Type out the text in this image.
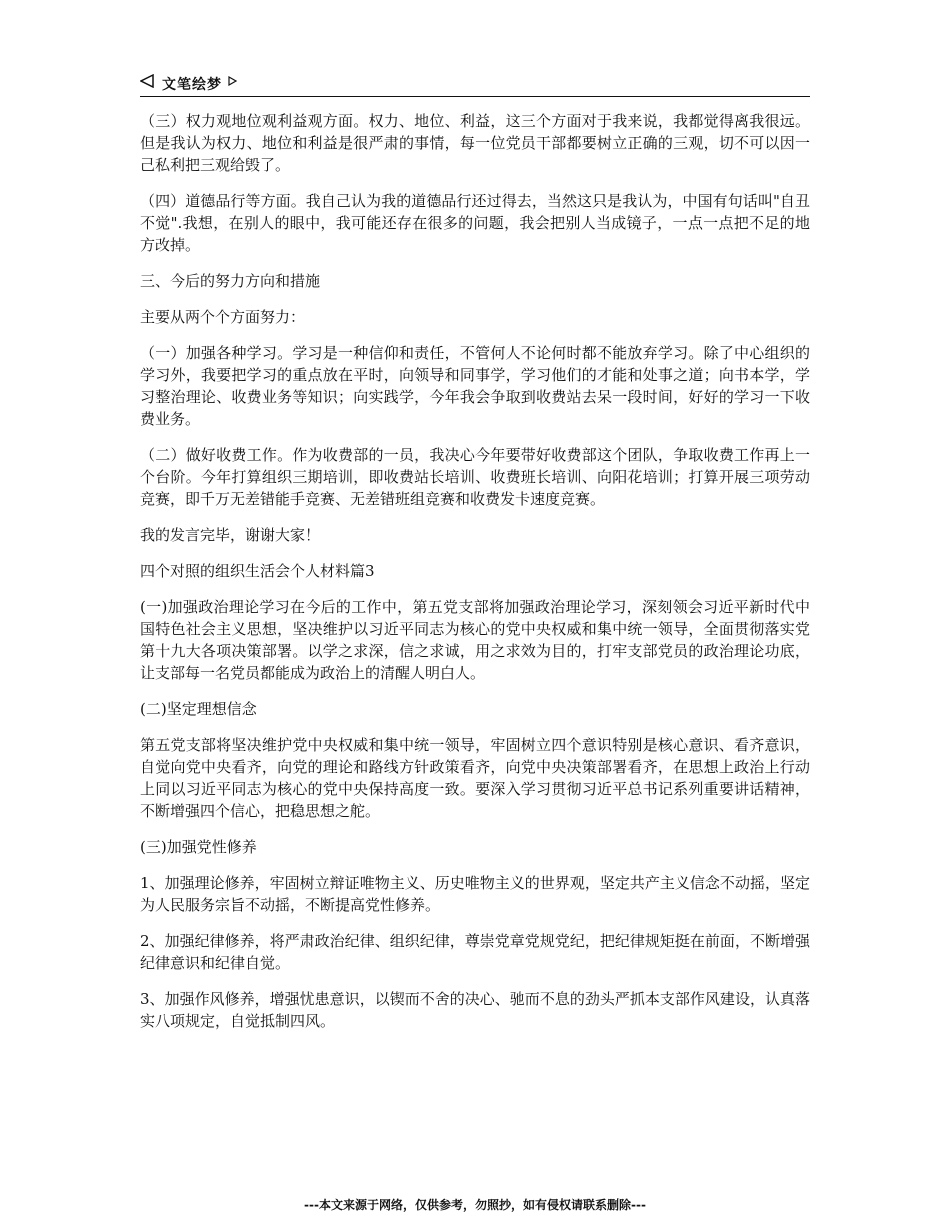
文笔绘梦

（三）权力观地位观利益观方面。权力、地位、利益，这三个方面对于我来说，我都觉得离我很远。但是我认为权力、地位和利益是很严肃的事情，每一位党员干部都要树立正确的三观，切不可以因一己私利把三观给毁了。

（四）道德品行等方面。我自己认为我的道德品行还过得去，当然这只是我认为，中国有句话叫"自丑不觉".我想，在别人的眼中，我可能还存在很多的问题，我会把别人当成镜子，一点一点把不足的地方改掉。

三、今后的努力方向和措施

主要从两个个方面努力：

（一）加强各种学习。学习是一种信仰和责任，不管何人不论何时都不能放弃学习。除了中心组织的学习外，我要把学习的重点放在平时，向领导和同事学，学习他们的才能和处事之道；向书本学，学习整治理论、收费业务等知识；向实践学，今年我会争取到收费站去呆一段时间，好好的学习一下收费业务。

（二）做好收费工作。作为收费部的一员，我决心今年要带好收费部这个团队，争取收费工作再上一个台阶。今年打算组织三期培训，即收费站长培训、收费班长培训、向阳花培训；打算开展三项劳动竞赛，即千万无差错能手竞赛、无差错班组竞赛和收费发卡速度竞赛。

我的发言完毕，谢谢大家！

四个对照的组织生活会个人材料篇3

(一)加强政治理论学习在今后的工作中，第五党支部将加强政治理论学习，深刻领会习近平新时代中国特色社会主义思想，坚决维护以习近平同志为核心的党中央权威和集中统一领导，全面贯彻落实党第十九大各项决策部署。以学之求深，信之求诚，用之求效为目的，打牢支部党员的政治理论功底，让支部每一名党员都能成为政治上的清醒人明白人。

(二)坚定理想信念

第五党支部将坚决维护党中央权威和集中统一领导，牢固树立四个意识特别是核心意识、看齐意识，自觉向党中央看齐，向党的理论和路线方针政策看齐，向党中央决策部署看齐，在思想上政治上行动上同以习近平同志为核心的党中央保持高度一致。要深入学习贯彻习近平总书记系列重要讲话精神，不断增强四个信心，把稳思想之舵。

(三)加强党性修养

1、加强理论修养，牢固树立辩证唯物主义、历史唯物主义的世界观，坚定共产主义信念不动摇，坚定为人民服务宗旨不动摇，不断提高党性修养。

2、加强纪律修养，将严肃政治纪律、组织纪律，尊崇党章党规党纪，把纪律规矩挺在前面，不断增强纪律意识和纪律自觉。

3、加强作风修养，增强忧患意识，以锲而不舍的决心、驰而不息的劲头严抓本支部作风建设，认真落实八项规定，自觉抵制四风。

---本文来源于网络，仅供参考，勿照抄，如有侵权请联系删除---
